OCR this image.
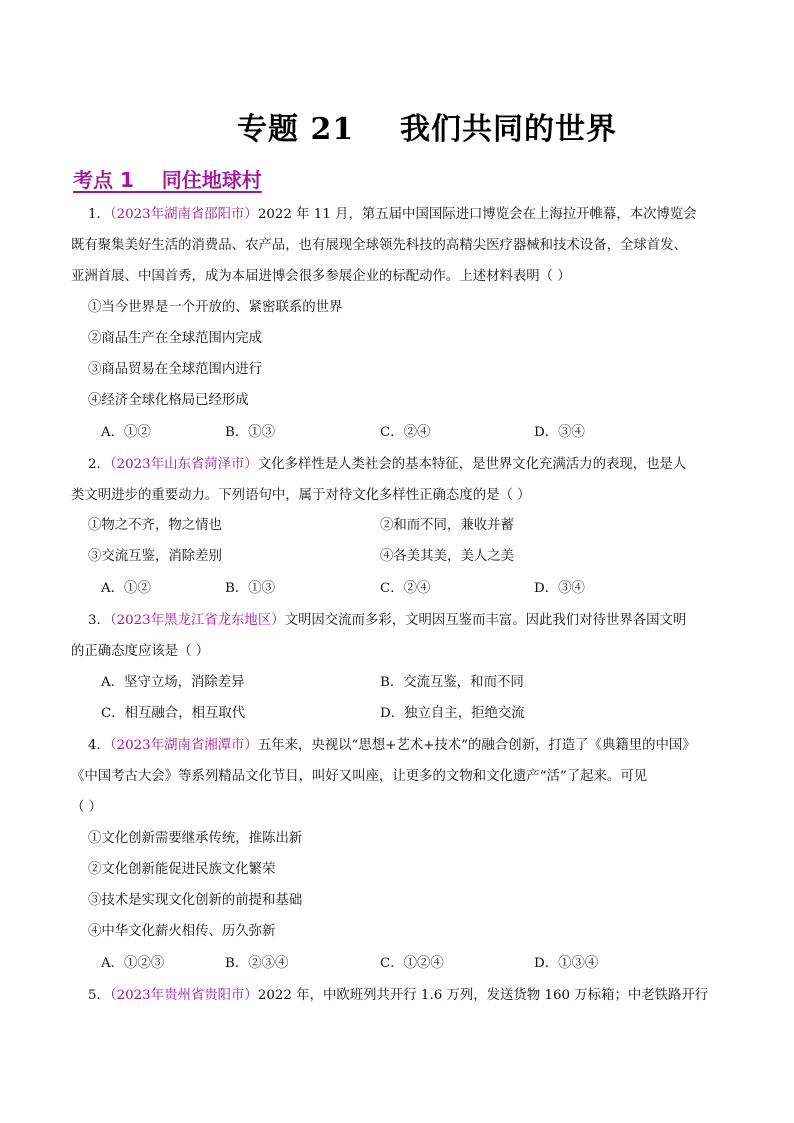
专题 21    我们共同的世界
考点 1    同住地球村
1．（2023年湖南省邵阳市）2022 年 11 月，第五届中国国际进口博览会在上海拉开帷幕，本次博览会
既有聚集美好生活的消费品、农产品，也有展现全球领先科技的高精尖医疗器械和技术设备，全球首发、
亚洲首展、中国首秀，成为本届进博会很多参展企业的标配动作。上述材料表明（ ）
①当今世界是一个开放的、紧密联系的世界
②商品生产在全球范围内完成
③商品贸易在全球范围内进行
④经济全球化格局已经形成
A．①②	B．①③	C．②④	D．③④
2．（2023年山东省菏泽市）文化多样性是人类社会的基本特征，是世界文化充满活力的表现，也是人
类文明进步的重要动力。下列语句中，属于对待文化多样性正确态度的是（ ）
①物之不齐，物之情也	②和而不同，兼收并蓄
③交流互鉴，消除差别	④各美其美，美人之美
A．①②	B．①③	C．②④	D．③④
3．（2023年黑龙江省龙东地区）文明因交流而多彩，文明因互鉴而丰富。因此我们对待世界各国文明
的正确态度应该是（ ）
A．坚守立场，消除差异	B．交流互鉴，和而不同
C．相互融合，相互取代	D．独立自主，拒绝交流
4．（2023年湖南省湘潭市）五年来，央视以“思想+艺术+技术”的融合创新，打造了《典籍里的中国》
《中国考古大会》等系列精品文化节目，叫好又叫座，让更多的文物和文化遗产“活”了起来。可见
（ ）
①文化创新需要继承传统，推陈出新
②文化创新能促进民族文化繁荣
③技术是实现文化创新的前提和基础
④中华文化薪火相传、历久弥新
A．①②③	B．②③④	C．①②④	D．①③④
5．（2023年贵州省贵阳市）2022 年，中欧班列共开行 1.6 万列，发送货物 160 万标箱；中老铁路开行
